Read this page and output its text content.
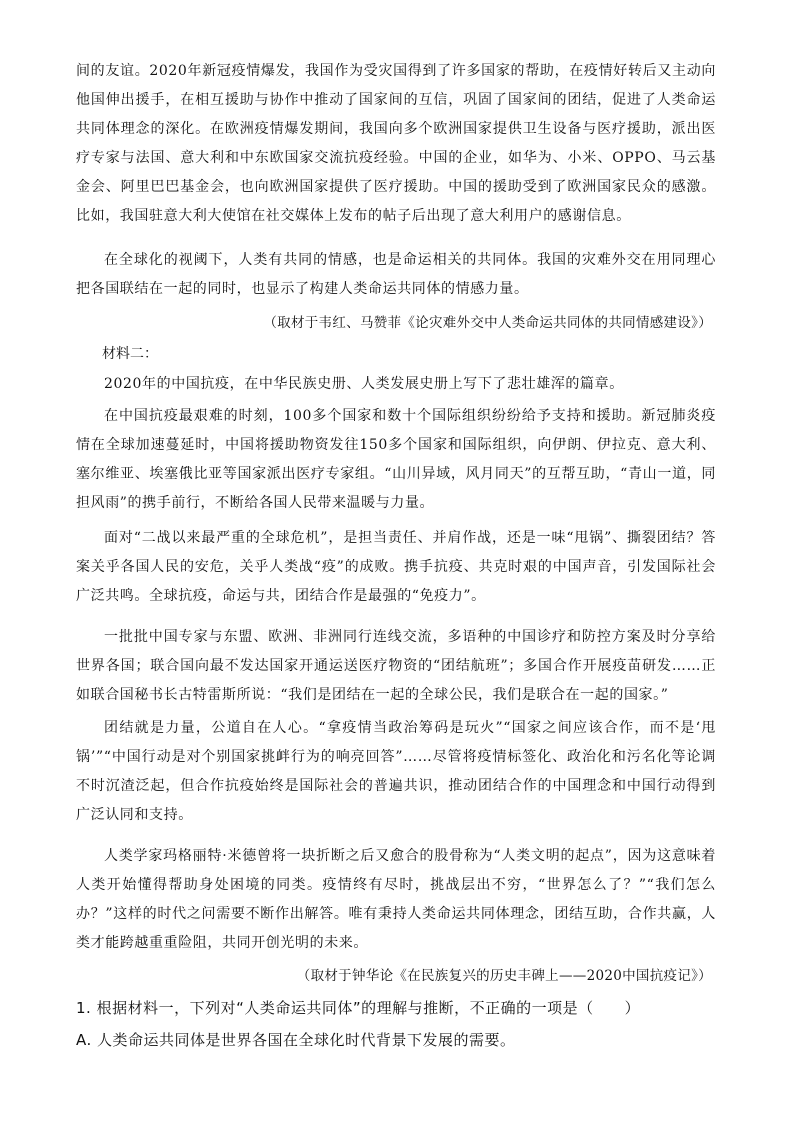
间的友谊。2020年新冠疫情爆发，我国作为受灾国得到了许多国家的帮助，在疫情好转后又主动向他国伸出援手，在相互援助与协作中推动了国家间的互信，巩固了国家间的团结，促进了人类命运共同体理念的深化。在欧洲疫情爆发期间，我国向多个欧洲国家提供卫生设备与医疗援助，派出医疗专家与法国、意大利和中东欧国家交流抗疫经验。中国的企业，如华为、小米、OPPO、马云基金会、阿里巴巴基金会，也向欧洲国家提供了医疗援助。中国的援助受到了欧洲国家民众的感激。比如，我国驻意大利大使馆在社交媒体上发布的帖子后出现了意大利用户的感谢信息。

在全球化的视阈下，人类有共同的情感，也是命运相关的共同体。我国的灾难外交在用同理心把各国联结在一起的同时，也显示了构建人类命运共同体的情感力量。

（取材于韦红、马赞菲《论灾难外交中人类命运共同体的共同情感建设》）

材料二：

2020年的中国抗疫，在中华民族史册、人类发展史册上写下了悲壮雄浑的篇章。

在中国抗疫最艰难的时刻，100多个国家和数十个国际组织纷纷给予支持和援助。新冠肺炎疫情在全球加速蔓延时，中国将援助物资发往150多个国家和国际组织，向伊朗、伊拉克、意大利、塞尔维亚、埃塞俄比亚等国家派出医疗专家组。“山川异域，风月同天”的互帮互助，“青山一道，同担风雨”的携手前行，不断给各国人民带来温暖与力量。

面对“二战以来最严重的全球危机”，是担当责任、并肩作战，还是一味“甩锅”、撕裂团结？答案关乎各国人民的安危，关乎人类战“疫”的成败。携手抗疫、共克时艰的中国声音，引发国际社会广泛共鸣。全球抗疫，命运与共，团结合作是最强的“免疫力”。

一批批中国专家与东盟、欧洲、非洲同行连线交流，多语种的中国诊疗和防控方案及时分享给世界各国；联合国向最不发达国家开通运送医疗物资的“团结航班”；多国合作开展疫苗研发……正如联合国秘书长古特雷斯所说：“我们是团结在一起的全球公民，我们是联合在一起的国家。”

团结就是力量，公道自在人心。“拿疫情当政治筹码是玩火”“国家之间应该合作，而不是‘甩锅’”“中国行动是对个别国家挑衅行为的响亮回答”……尽管将疫情标签化、政治化和污名化等论调不时沉渣泛起，但合作抗疫始终是国际社会的普遍共识，推动团结合作的中国理念和中国行动得到广泛认同和支持。

人类学家玛格丽特·米德曾将一块折断之后又愈合的股骨称为“人类文明的起点”，因为这意味着人类开始懂得帮助身处困境的同类。疫情终有尽时，挑战层出不穷，“世界怎么了？”“我们怎么办？”这样的时代之问需要不断作出解答。唯有秉持人类命运共同体理念，团结互助，合作共赢，人类才能跨越重重险阻，共同开创光明的未来。

（取材于钟华论《在民族复兴的历史丰碑上——2020中国抗疫记》）

1. 根据材料一，下列对“人类命运共同体”的理解与推断，不正确的一项是（　　）

A. 人类命运共同体是世界各国在全球化时代背景下发展的需要。
